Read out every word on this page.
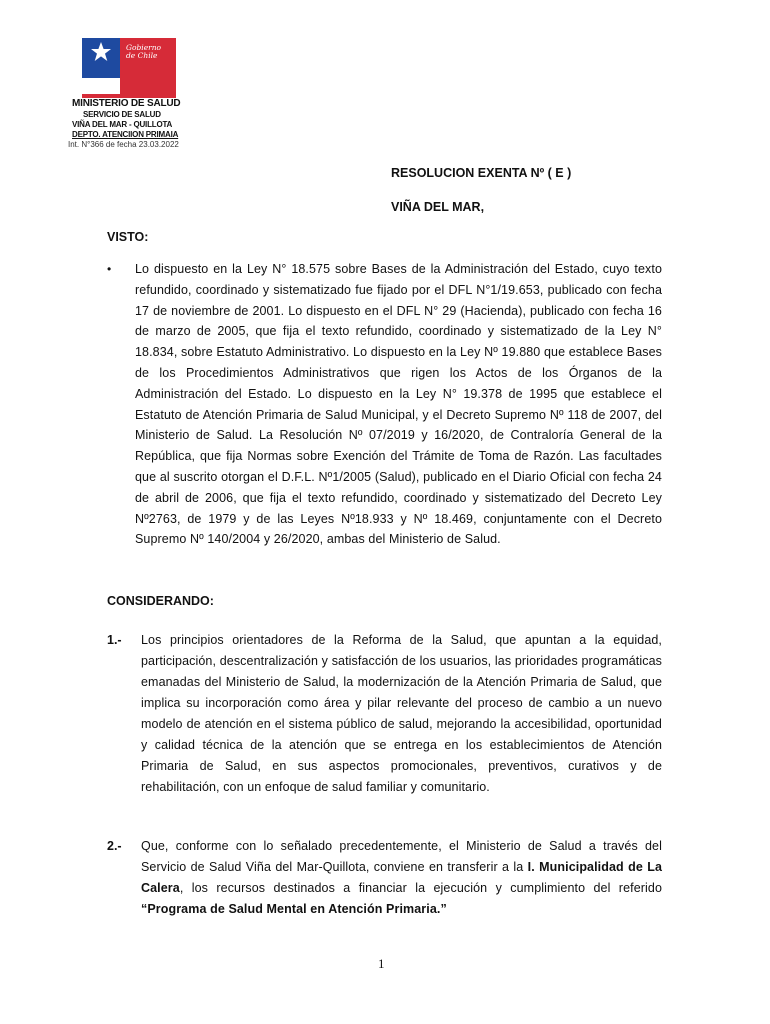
Gobierno
de Chile
MINISTERIO DE SALUD
SERVICIO DE SALUD
VIÑA DEL MAR - QUILLOTA
DEPTO. ATENCIION PRIMAIA
Int. N°366 de fecha 23.03.2022
RESOLUCION EXENTA Nº ( E )
VIÑA DEL MAR,
VISTO:
• Lo dispuesto en la Ley N° 18.575 sobre Bases de la Administración del Estado, cuyo texto refundido, coordinado y sistematizado fue fijado por el DFL N°1/19.653, publicado con fecha 17 de noviembre de 2001. Lo dispuesto en el DFL N° 29 (Hacienda), publicado con fecha 16 de marzo de 2005, que fija el texto refundido, coordinado y sistematizado de la Ley N° 18.834, sobre Estatuto Administrativo. Lo dispuesto en la Ley Nº 19.880 que establece Bases de los Procedimientos Administrativos que rigen los Actos de los Órganos de la Administración del Estado. Lo dispuesto en la Ley N° 19.378 de 1995 que establece el Estatuto de Atención Primaria de Salud Municipal, y el Decreto Supremo Nº 118 de 2007, del Ministerio de Salud. La Resolución Nº 07/2019 y 16/2020, de Contraloría General de la República, que fija Normas sobre Exención del Trámite de Toma de Razón. Las facultades que al suscrito otorgan el D.F.L. Nº1/2005 (Salud), publicado en el Diario Oficial con fecha 24 de abril de 2006, que fija el texto refundido, coordinado y sistematizado del Decreto Ley Nº2763, de 1979 y de las Leyes Nº18.933 y Nº 18.469, conjuntamente con el Decreto Supremo Nº 140/2004 y 26/2020, ambas del Ministerio de Salud.
CONSIDERANDO:
1.- Los principios orientadores de la Reforma de la Salud, que apuntan a la equidad, participación, descentralización y satisfacción de los usuarios, las prioridades programáticas emanadas del Ministerio de Salud, la modernización de la Atención Primaria de Salud, que implica su incorporación como área y pilar relevante del proceso de cambio a un nuevo modelo de atención en el sistema público de salud, mejorando la accesibilidad, oportunidad y calidad técnica de la atención que se entrega en los establecimientos de Atención Primaria de Salud, en sus aspectos promocionales, preventivos, curativos y de rehabilitación, con un enfoque de salud familiar y comunitario.
2.- Que, conforme con lo señalado precedentemente, el Ministerio de Salud a través del Servicio de Salud Viña del Mar-Quillota, conviene en transferir a la I. Municipalidad de La Calera, los recursos destinados a financiar la ejecución y cumplimiento del referido “Programa de Salud Mental en Atención Primaria.”
1
